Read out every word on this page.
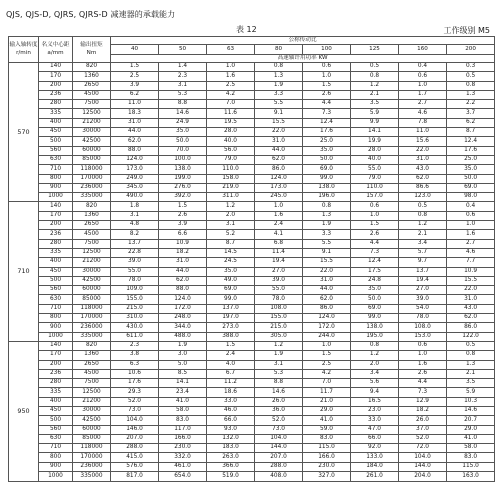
QJS, QJS-D, QJRS, QJRS-D 减速器的承载能力
表 12	工作级别 M5
输入轴转度
r/min	名义中心距
a/mm	输出扭矩
Nm	公称传动比							
			40	50	63	80	100	125	160	200
			高速轴许用功率 KW							
570	140	820	1.5	1.4	1.0	0.8	0.6	0.5	0.4	0.3
	170	1360	2.5	2.3	1.6	1.3	1.0	0.8	0.6	0.5
	200	2650	3.9	3.1	2.5	1.9	1.5	1.2	1.0	0.8
	236	4500	6.2	5.3	4.2	3.3	2.6	2.1	1.7	1.3
	280	7500	11.0	8.8	7.0	5.5	4.4	3.5	2.7	2.2
	335	12500	18.3	14.6	11.6	9.1	7.3	5.9	4.6	3.7
	400	21200	31.0	24.9	19.5	15.5	12.4	9.9	7.8	6.2
	450	30000	44.0	35.0	28.0	22.0	17.6	14.1	11.0	8.7
	500	42500	62.0	50.0	40.0	31.0	25.0	19.9	15.6	12.4
	560	60000	88.0	70.0	56.0	44.0	35.0	28.0	22.0	17.6
	630	85000	124.0	100.0	79.0	62.0	50.0	40.0	31.0	25.0
	710	118000	173.0	138.0	110.0	86.0	69.0	55.0	43.0	35.0
	800	170000	249.0	199.0	158.0	124.0	99.0	79.0	62.0	50.0
	900	236000	345.0	276.0	219.0	173.0	138.0	110.0	86.6	69.0
	1000	335000	490.0	392.0	311.0	245.0	196.0	157.0	123.0	98.0
710	140	820	1.8	1.5	1.2	1.0	0.8	0.6	0.5	0.4
	170	1360	3.1	2.6	2.0	1.6	1.3	1.0	0.8	0.6
	200	2650	4.8	3.9	3.1	2.4	1.9	1.5	1.2	1.0
	236	4500	8.2	6.6	5.2	4.1	3.3	2.6	2.1	1.6
	280	7500	13.7	10.9	8.7	6.8	5.5	4.4	3.4	2.7
	335	12500	22.8	18.2	14.5	11.4	9.1	7.3	5.7	4.6
	400	21200	39.0	31.0	24.5	19.4	15.5	12.4	9.7	7.7
	450	30000	55.0	44.0	35.0	27.0	22.0	17.5	13.7	10.9
	500	42500	78.0	62.0	49.0	39.0	31.0	24.8	19.4	15.5
	560	60000	109.0	88.0	69.0	55.0	44.0	35.0	27.0	22.0
	630	85000	155.0	124.0	99.0	78.0	62.0	50.0	39.0	31.0
	710	118000	215.0	172.0	137.0	108.0	86.0	69.0	54.0	43.0
	800	170000	310.0	248.0	197.0	155.0	124.0	99.0	78.0	62.0
	900	236000	430.0	344.0	273.0	215.0	172.0	138.0	108.0	86.0
	1000	335000	611.0	488.0	388.0	305.0	244.0	195.0	153.0	122.0
950	140	820	2.3	1.9	1.5	1.2	1.0	0.8	0.6	0.5
	170	1360	3.8	3.0	2.4	1.9	1.5	1.2	1.0	0.8
	200	2650	6.3	5.0	4.0	3.1	2.5	2.0	1.6	1.3
	236	4500	10.6	8.5	6.7	5.3	4.2	3.4	2.6	2.1
	280	7500	17.6	14.1	11.2	8.8	7.0	5.6	4.4	3.5
	335	12500	29.3	23.4	18.6	14.6	11.7	9.4	7.3	5.9
	400	21200	52.0	41.0	33.0	26.0	21.0	16.5	12.9	10.3
	450	30000	73.0	58.0	46.0	36.0	29.0	23.0	18.2	14.6
	500	42500	104.0	83.0	66.0	52.0	41.0	33.0	26.0	20.7
	560	60000	146.0	117.0	93.0	73.0	59.0	47.0	37.0	29.0
	630	85000	207.0	166.0	132.0	104.0	83.0	66.0	52.0	41.0
	710	118000	288.0	230.0	183.0	144.0	115.0	92.0	72.0	58.0
	800	170000	415.0	332.0	263.0	207.0	166.0	133.0	104.0	83.0
	900	236000	576.0	461.0	366.0	288.0	230.0	184.0	144.0	115.0
	1000	335000	817.0	654.0	519.0	408.0	327.0	261.0	204.0	163.0
